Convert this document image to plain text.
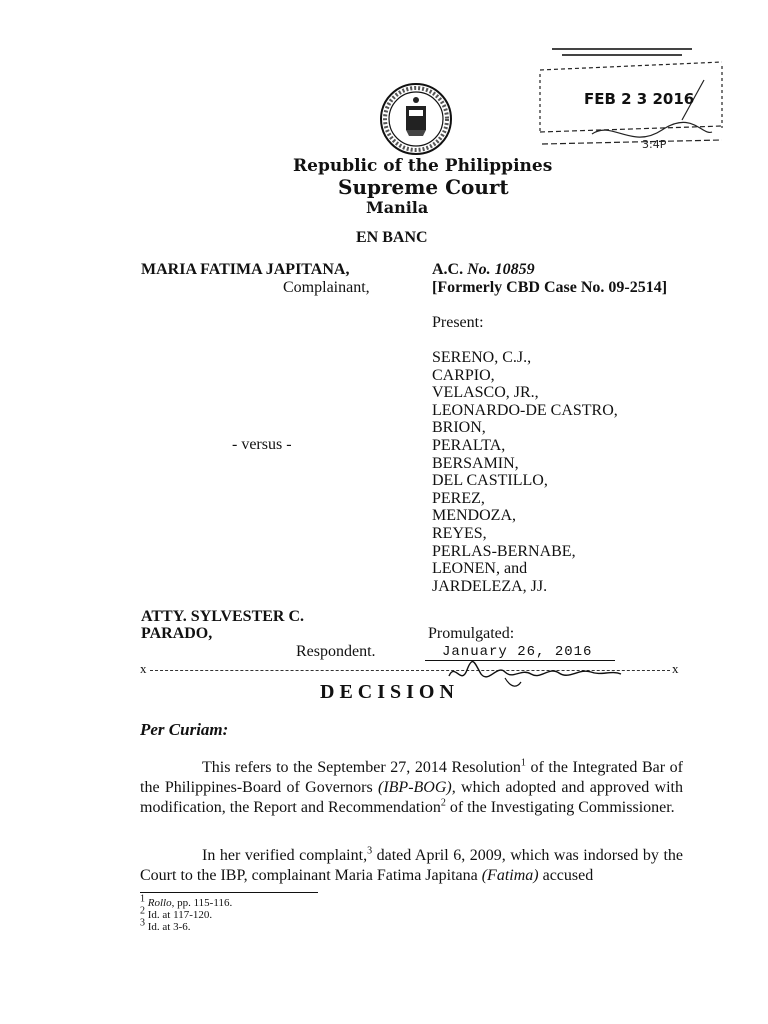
FEB 2 3 2016
3:4P
Republic of the Philippines
Supreme Court
Manila
EN BANC
MARIA FATIMA JAPITANA,
Complainant,
- versus -
ATTY. SYLVESTER C.
PARADO,
Respondent.
A.C. No. 10859
[Formerly CBD Case No. 09-2514]
Present:
SERENO, C.J.,
CARPIO,
VELASCO, JR.,
LEONARDO-DE CASTRO,
BRION,
PERALTA,
BERSAMIN,
DEL CASTILLO,
PEREZ,
MENDOZA,
REYES,
PERLAS-BERNABE,
LEONEN, and
JARDELEZA, JJ.
Promulgated:
January 26, 2016
x	x
DECISION
Per Curiam:
This refers to the September 27, 2014 Resolution$^1$ of the Integrated Bar of the Philippines-Board of Governors (IBP-BOG), which adopted and approved with modification, the Report and Recommendation$^2$ of the Investigating Commissioner.
In her verified complaint,$^3$ dated April 6, 2009, which was indorsed by the Court to the IBP, complainant Maria Fatima Japitana (Fatima) accused
$^1$ Rollo, pp. 115-116.
$^2$ Id. at 117-120.
$^3$ Id. at 3-6.
